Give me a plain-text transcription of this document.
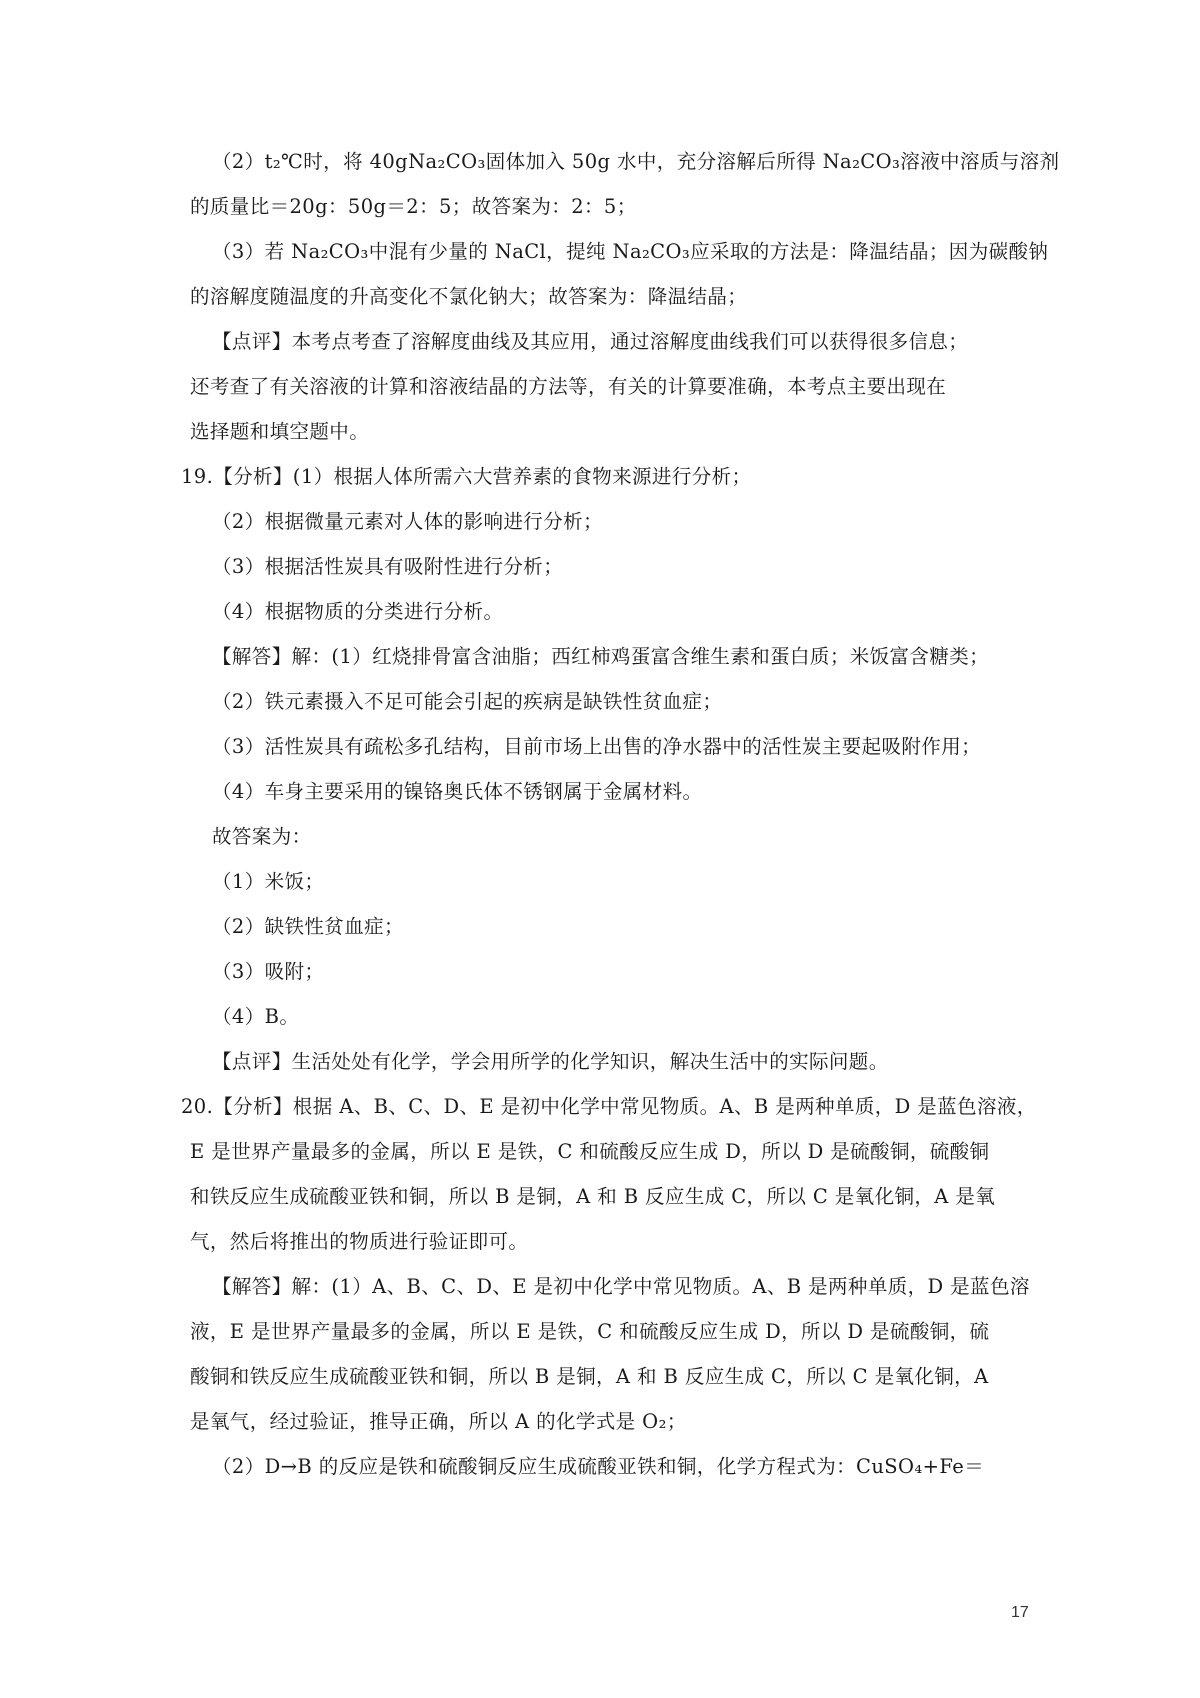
（2）t₂℃时，将 40gNa₂CO₃固体加入 50g 水中，充分溶解后所得 Na₂CO₃溶液中溶质与溶剂
的质量比＝20g：50g＝2：5；故答案为：2：5；
（3）若 Na₂CO₃中混有少量的 NaCl，提纯 Na₂CO₃应采取的方法是：降温结晶；因为碳酸钠
的溶解度随温度的升高变化不氯化钠大；故答案为：降温结晶；
【点评】本考点考查了溶解度曲线及其应用，通过溶解度曲线我们可以获得很多信息；
还考查了有关溶液的计算和溶液结晶的方法等，有关的计算要准确，本考点主要出现在
选择题和填空题中。
19.【分析】(1）根据人体所需六大营养素的食物来源进行分析；
（2）根据微量元素对人体的影响进行分析；
（3）根据活性炭具有吸附性进行分析；
（4）根据物质的分类进行分析。
【解答】解：(1）红烧排骨富含油脂；西红柿鸡蛋富含维生素和蛋白质；米饭富含糖类；
（2）铁元素摄入不足可能会引起的疾病是缺铁性贫血症；
（3）活性炭具有疏松多孔结构，目前市场上出售的净水器中的活性炭主要起吸附作用；
（4）车身主要采用的镍铬奥氏体不锈钢属于金属材料。
故答案为：
（1）米饭；
（2）缺铁性贫血症；
（3）吸附；
（4）B。
【点评】生活处处有化学，学会用所学的化学知识，解决生活中的实际问题。
20.【分析】根据 A、B、C、D、E 是初中化学中常见物质。A、B 是两种单质，D 是蓝色溶液，
E 是世界产量最多的金属，所以 E 是铁，C 和硫酸反应生成 D，所以 D 是硫酸铜，硫酸铜
和铁反应生成硫酸亚铁和铜，所以 B 是铜，A 和 B 反应生成 C，所以 C 是氧化铜，A 是氧
气，然后将推出的物质进行验证即可。
【解答】解：(1）A、B、C、D、E 是初中化学中常见物质。A、B 是两种单质，D 是蓝色溶
液，E 是世界产量最多的金属，所以 E 是铁，C 和硫酸反应生成 D，所以 D 是硫酸铜，硫
酸铜和铁反应生成硫酸亚铁和铜，所以 B 是铜，A 和 B 反应生成 C，所以 C 是氧化铜，A
是氧气，经过验证，推导正确，所以 A 的化学式是 O₂；
（2）D→B 的反应是铁和硫酸铜反应生成硫酸亚铁和铜，化学方程式为：CuSO₄+Fe＝
17
